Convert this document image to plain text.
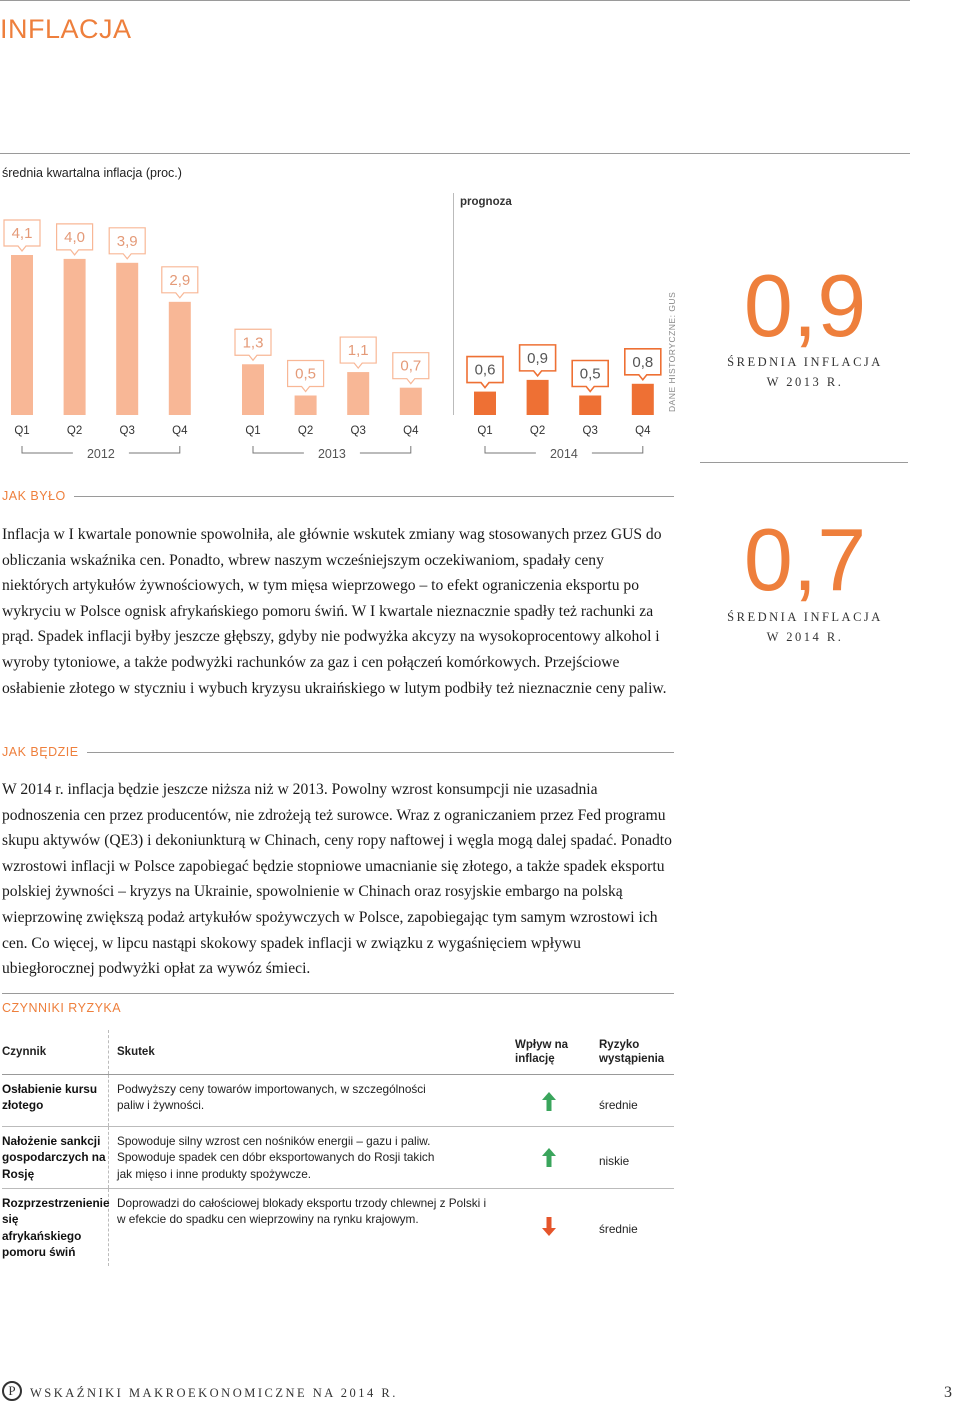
INFLACJA
średnia kwartalna inflacja (proc.)
prognoza
4,1
Q1
4,0
Q2
3,9
Q3
2,9
Q4
1,3
Q1
0,5
Q2
1,1
Q3
0,7
Q4
0,6
Q1
0,9
Q2
0,5
Q3
0,8
Q4
2012	2013	2014
DANE HISTORYCZNE: GUS 0,9
ŚREDNIA INFLACJA
W 2013 R.
0,7
ŚREDNIA INFLACJA
W 2014 R.
JAK BYŁO
Inflacja w I kwartale ponownie spowolniła, ale głównie wskutek zmiany wag stosowanych przez GUS do obliczania wskaźnika cen. Ponadto, wbrew naszym wcześniejszym oczekiwaniom, spadały ceny niektórych artykułów żywnościowych, w tym mięsa wieprzowego – to efekt ograniczenia eksportu po wykryciu w Polsce ognisk afrykańskiego pomoru świń. W I kwartale nieznacznie spadły też rachunki za prąd. Spadek inflacji byłby jeszcze głębszy, gdyby nie podwyżka akcyzy na wysokoprocentowy alkohol i wyroby tytoniowe, a także podwyżki rachunków za gaz i cen połączeń komórkowych. Przejściowe osłabienie złotego w styczniu i wybuch kryzysu ukraińskiego w lutym podbiły też nieznacznie ceny paliw.
JAK BĘDZIE
W 2014 r. inflacja będzie jeszcze niższa niż w 2013. Powolny wzrost konsumpcji nie uzasadnia podnoszenia cen przez producentów, nie zdrożeją też surowce. Wraz z ograniczaniem przez Fed programu skupu aktywów (QE3) i dekoniunkturą w Chinach, ceny ropy naftowej i węgla mogą dalej spadać. Ponadto wzrostowi inflacji w Polsce zapobiegać będzie stopniowe umacnianie się złotego, a także spadek eksportu polskiej żywności – kryzys na Ukrainie, spowolnienie w Chinach oraz rosyjskie embargo na polską wieprzowinę zwiększą podaż artykułów spożywczych w Polsce, zapobiegając tym samym wzrostowi ich cen. Co więcej, w lipcu nastąpi skokowy spadek inflacji w związku z wygaśnięciem wpływu ubiegłorocznej podwyżki opłat za wywóz śmieci.
CZYNNIKI RYZYKA
Czynnik	Skutek	Wpływ na inflację	Ryzyko wystąpienia

Osłabienie kursu złotego	Podwyższy ceny towarów importowanych, w szczególności paliw i żywności.		średnie

Nałożenie sankcji gospodarczych na Rosję	Spowoduje silny wzrost cen nośników energii – gazu i paliw. Spowoduje spadek cen dóbr eksportowanych do Rosji takich jak mięso i inne produkty spożywcze.		niskie

Rozprzestrzenienie się afrykańskiego pomoru świń	Doprowadzi do całościowej blokady eksportu trzody chlewnej z Polski i w efekcie do spadku cen wieprzowiny na rynku krajowym.		średnie
P	WSKAŹNIKI MAKROEKONOMICZNE NA 2014 R.	3
